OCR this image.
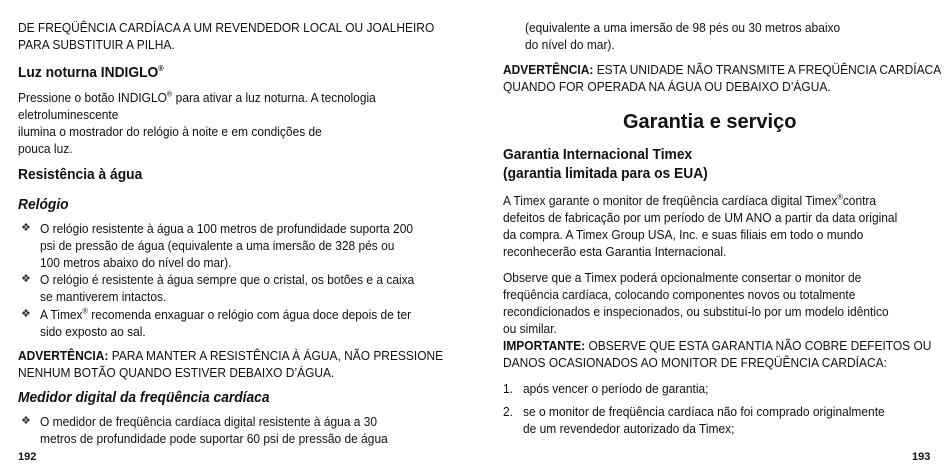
DE FREQÜÊNCIA CARDÍACA A UM REVENDEDOR LOCAL OU JOALHEIRO

PARA SUBSTITUIR A PILHA.

Luz noturna INDIGLO®

Pressione o botão INDIGLO® para ativar a luz noturna. A tecnologia

eletroluminescente

ilumina o mostrador do relógio à noite e em condições de

pouca luz.

Resistência à água

Relógio

❖ O relógio resistente à água a 100 metros de profundidade suporta 200

psi de pressão de água (equivalente a uma imersão de 328 pés ou

100 metros abaixo do nível do mar).

❖ O relógio é resistente à água sempre que o cristal, os botões e a caixa

se mantiverem intactos.

❖ A Timex® recomenda enxaguar o relógio com água doce depois de ter

sido exposto ao sal.

ADVERTÊNCIA: PARA MANTER A RESISTÊNCIA À ÁGUA, NÃO PRESSIONE

NENHUM BOTÃO QUANDO ESTIVER DEBAIXO D’ÁGUA.

Medidor digital da freqüência cardíaca

❖ O medidor de freqüência cardíaca digital resistente à água a 30

metros de profundidade pode suportar 60 psi de pressão de água

192

(equivalente a uma imersão de 98 pés ou 30 metros abaixo

do nível do mar).

ADVERTÊNCIA: ESTA UNIDADE NÃO TRANSMITE A FREQÜÊNCIA CARDÍACA

QUANDO FOR OPERADA NA ÁGUA OU DEBAIXO D’ÁGUA.

Garantia e serviço

Garantia Internacional Timex

(garantia limitada para os EUA)

A Timex garante o monitor de freqüência cardíaca digital Timex®contra

defeitos de fabricação por um período de UM ANO a partir da data original

da compra. A Timex Group USA, Inc. e suas filiais em todo o mundo

reconhecerão esta Garantia Internacional.

Observe que a Timex poderá opcionalmente consertar o monitor de

freqüência cardíaca, colocando componentes novos ou totalmente

recondicionados e inspecionados, ou substituí-lo por um modelo idêntico

ou similar.

IMPORTANTE: OBSERVE QUE ESTA GARANTIA NÃO COBRE DEFEITOS OU

DANOS OCASIONADOS AO MONITOR DE FREQÜÊNCIA CARDÍACA:

1. após vencer o período de garantia;

2. se o monitor de freqüência cardíaca não foi comprado originalmente

de um revendedor autorizado da Timex;

193
